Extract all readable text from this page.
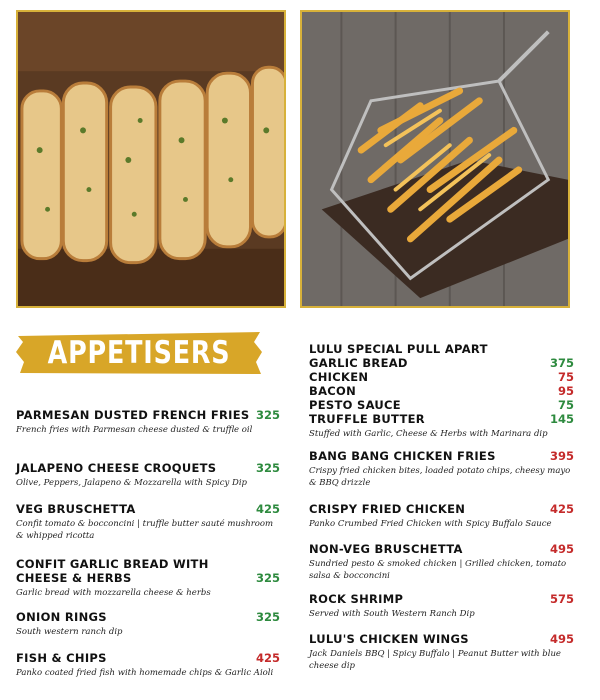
APPETISERS
PARMESAN DUSTED FRENCH FRIES 325
French fries with Parmesan cheese dusted & truffle oil
JALAPENO CHEESE CROQUETS	325
Olive, Peppers, Jalapeno & Mozzarella with Spicy Dip
VEG BRUSCHETTA	425
Confit tomato & bocconcini | truffle butter sauté mushroom & whipped ricotta
CONFIT GARLIC BREAD WITH
CHEESE & HERBS	325
Garlic bread with mozzarella cheese & herbs
ONION RINGS	325
South western ranch dip
FISH & CHIPS	425
Panko coated fried fish with homemade chips & Garlic Aioli
LULU SPECIAL PULL APART
GARLIC BREAD	375
CHICKEN	75
BACON	95
PESTO SAUCE	75
TRUFFLE BUTTER	145
Stuffed with Garlic, Cheese & Herbs with Marinara dip
BANG BANG CHICKEN FRIES	395
Crispy fried chicken bites, loaded potato chips, cheesy mayo & BBQ drizzle
CRISPY FRIED CHICKEN	425
Panko Crumbed Fried Chicken with Spicy Buffalo Sauce
NON-VEG BRUSCHETTA	495
Sundried pesto & smoked chicken | Grilled chicken, tomato salsa & bocconcini
ROCK SHRIMP	575
Served with South Western Ranch Dip
LULU'S CHICKEN WINGS	495
Jack Daniels BBQ | Spicy Buffalo | Peanut Butter with blue cheese dip
